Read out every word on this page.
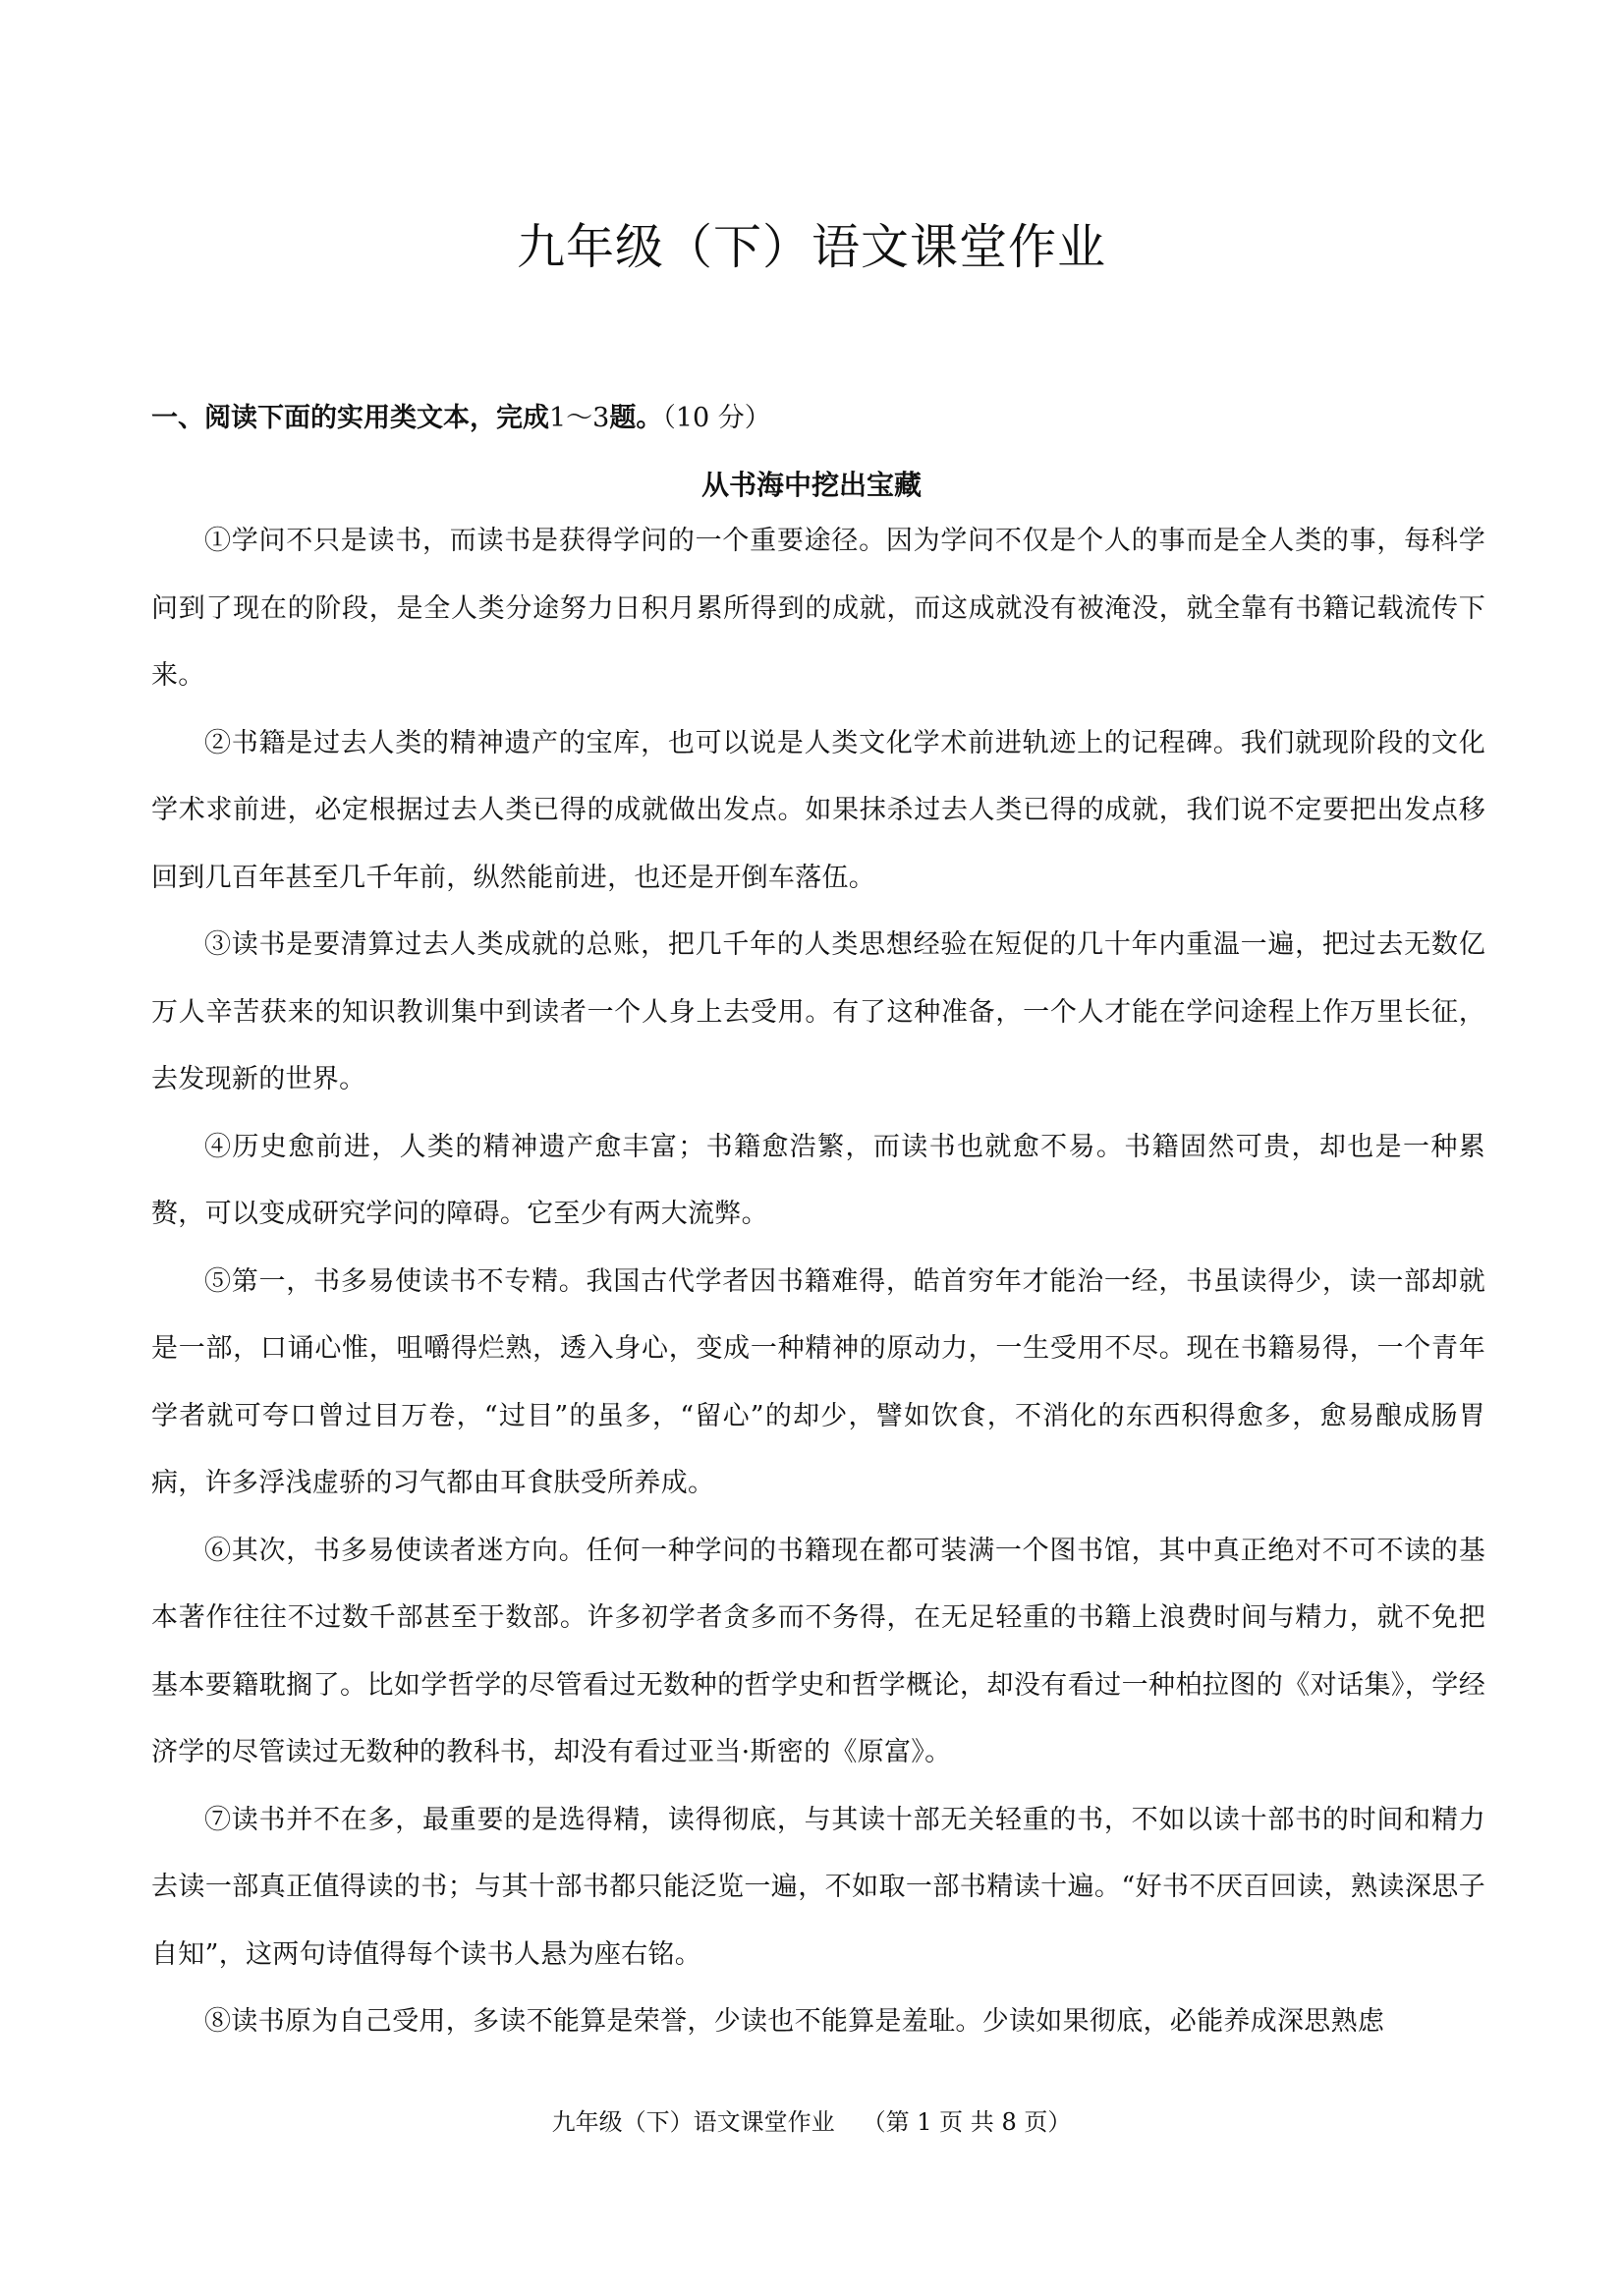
九年级（下）语文课堂作业

一、阅读下面的实用类文本，完成1～3题。（10 分）

从书海中挖出宝藏

①学问不只是读书，而读书是获得学问的一个重要途径。因为学问不仅是个人的事而是全人类的事，每科学问到了现在的阶段，是全人类分途努力日积月累所得到的成就，而这成就没有被淹没，就全靠有书籍记载流传下来。

②书籍是过去人类的精神遗产的宝库，也可以说是人类文化学术前进轨迹上的记程碑。我们就现阶段的文化学术求前进，必定根据过去人类已得的成就做出发点。如果抹杀过去人类已得的成就，我们说不定要把出发点移回到几百年甚至几千年前，纵然能前进，也还是开倒车落伍。

③读书是要清算过去人类成就的总账，把几千年的人类思想经验在短促的几十年内重温一遍，把过去无数亿万人辛苦获来的知识教训集中到读者一个人身上去受用。有了这种准备，一个人才能在学问途程上作万里长征，去发现新的世界。

④历史愈前进，人类的精神遗产愈丰富；书籍愈浩繁，而读书也就愈不易。书籍固然可贵，却也是一种累赘，可以变成研究学问的障碍。它至少有两大流弊。

⑤第一，书多易使读书不专精。我国古代学者因书籍难得，皓首穷年才能治一经，书虽读得少，读一部却就是一部，口诵心惟，咀嚼得烂熟，透入身心，变成一种精神的原动力，一生受用不尽。现在书籍易得，一个青年学者就可夸口曾过目万卷，“过目”的虽多，“留心”的却少，譬如饮食，不消化的东西积得愈多，愈易酿成肠胃病，许多浮浅虚骄的习气都由耳食肤受所养成。

⑥其次，书多易使读者迷方向。任何一种学问的书籍现在都可装满一个图书馆，其中真正绝对不可不读的基本著作往往不过数千部甚至于数部。许多初学者贪多而不务得，在无足轻重的书籍上浪费时间与精力，就不免把基本要籍耽搁了。比如学哲学的尽管看过无数种的哲学史和哲学概论，却没有看过一种柏拉图的《对话集》，学经济学的尽管读过无数种的教科书，却没有看过亚当·斯密的《原富》。

⑦读书并不在多，最重要的是选得精，读得彻底，与其读十部无关轻重的书，不如以读十部书的时间和精力去读一部真正值得读的书；与其十部书都只能泛览一遍，不如取一部书精读十遍。“好书不厌百回读，熟读深思子自知”，这两句诗值得每个读书人悬为座右铭。

⑧读书原为自己受用，多读不能算是荣誉，少读也不能算是羞耻。少读如果彻底，必能养成深思熟虑

九年级（下）语文课堂作业 （第 1 页 共 8 页）
